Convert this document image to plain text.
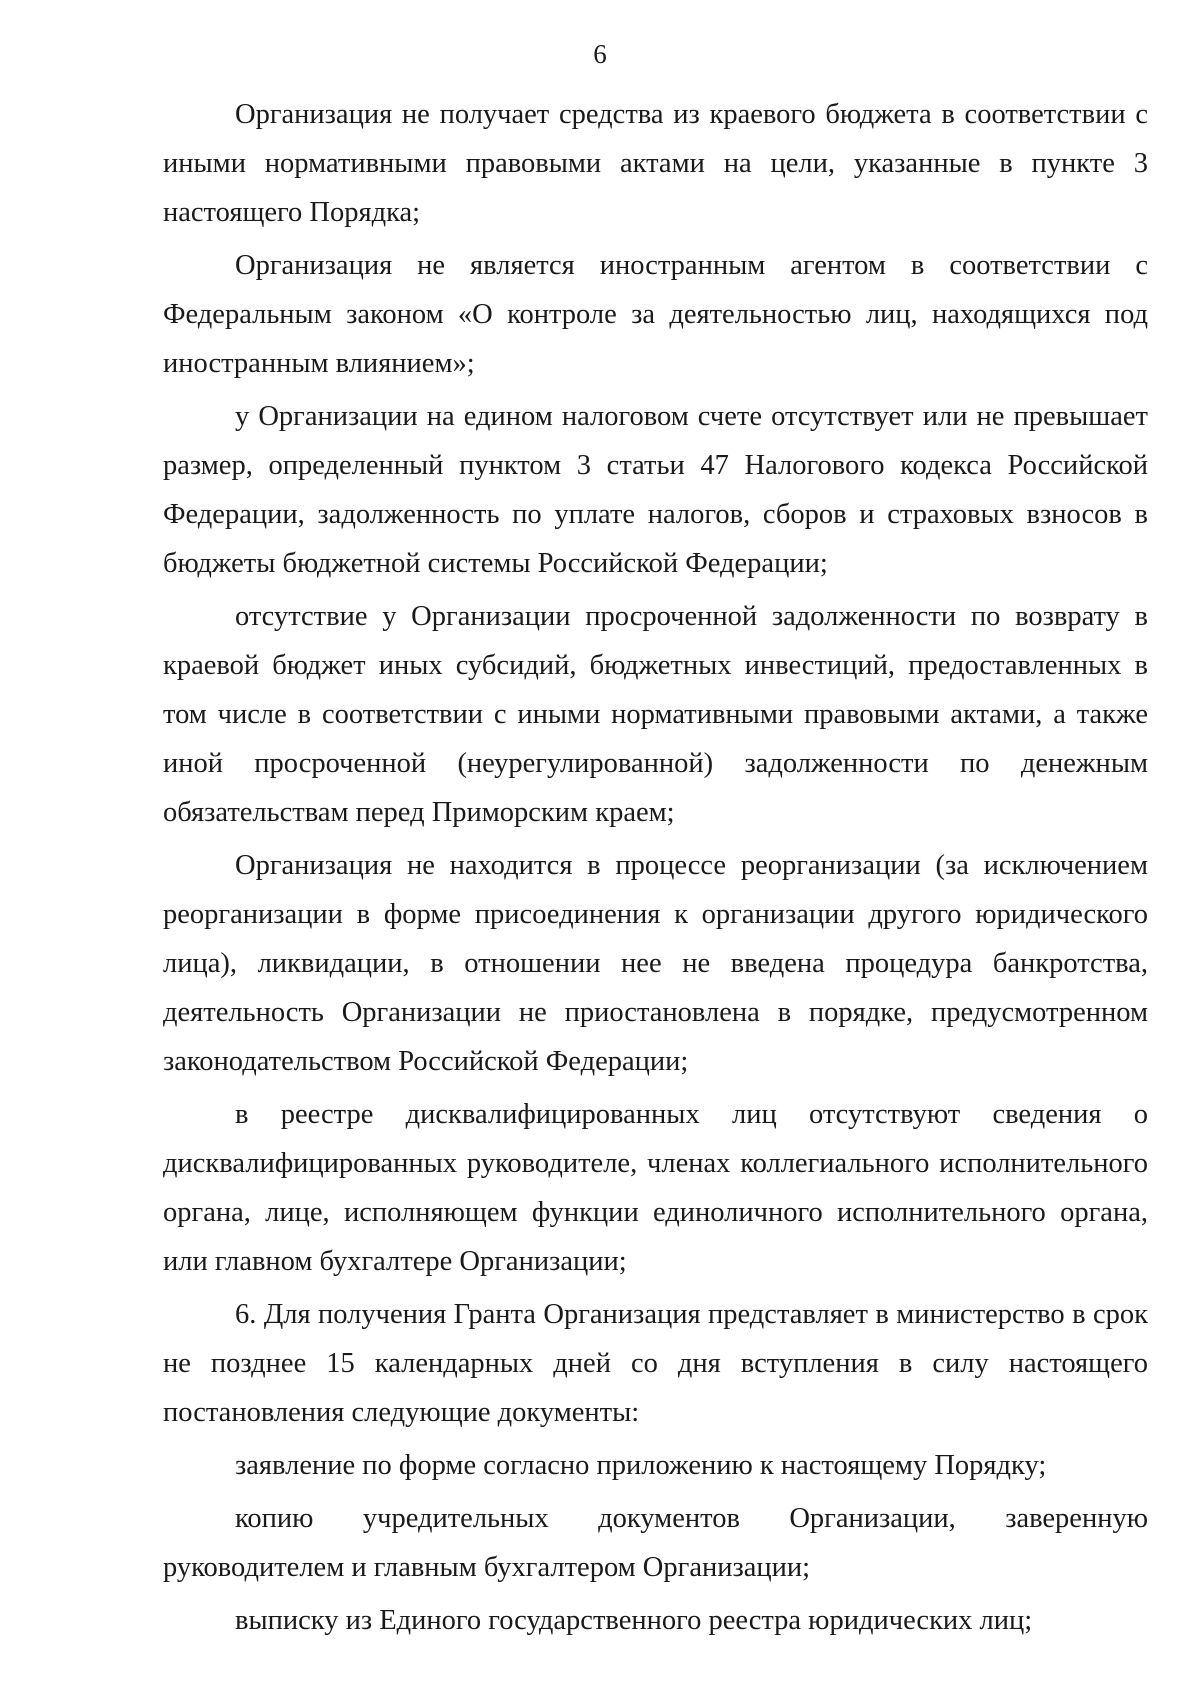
6

Организация не получает средства из краевого бюджета в соответствии с иными нормативными правовыми актами на цели, указанные в пункте 3 настоящего Порядка;

Организация не является иностранным агентом в соответствии с Федеральным законом «О контроле за деятельностью лиц, находящихся под иностранным влиянием»;

у Организации на едином налоговом счете отсутствует или не превышает размер, определенный пунктом 3 статьи 47 Налогового кодекса Российской Федерации, задолженность по уплате налогов, сборов и страховых взносов в бюджеты бюджетной системы Российской Федерации;

отсутствие у Организации просроченной задолженности по возврату в краевой бюджет иных субсидий, бюджетных инвестиций, предоставленных в том числе в соответствии с иными нормативными правовыми актами, а также иной просроченной (неурегулированной) задолженности по денежным обязательствам перед Приморским краем;

Организация не находится в процессе реорганизации (за исключением реорганизации в форме присоединения к организации другого юридического лица), ликвидации, в отношении нее не введена процедура банкротства, деятельность Организации не приостановлена в порядке, предусмотренном законодательством Российской Федерации;

в реестре дисквалифицированных лиц отсутствуют сведения о дисквалифицированных руководителе, членах коллегиального исполнительного органа, лице, исполняющем функции единоличного исполнительного органа, или главном бухгалтере Организации;

6. Для получения Гранта Организация представляет в министерство в срок не позднее 15 календарных дней со дня вступления в силу настоящего постановления следующие документы:

заявление по форме согласно приложению к настоящему Порядку;

копию учредительных документов Организации, заверенную руководителем и главным бухгалтером Организации;

выписку из Единого государственного реестра юридических лиц;
